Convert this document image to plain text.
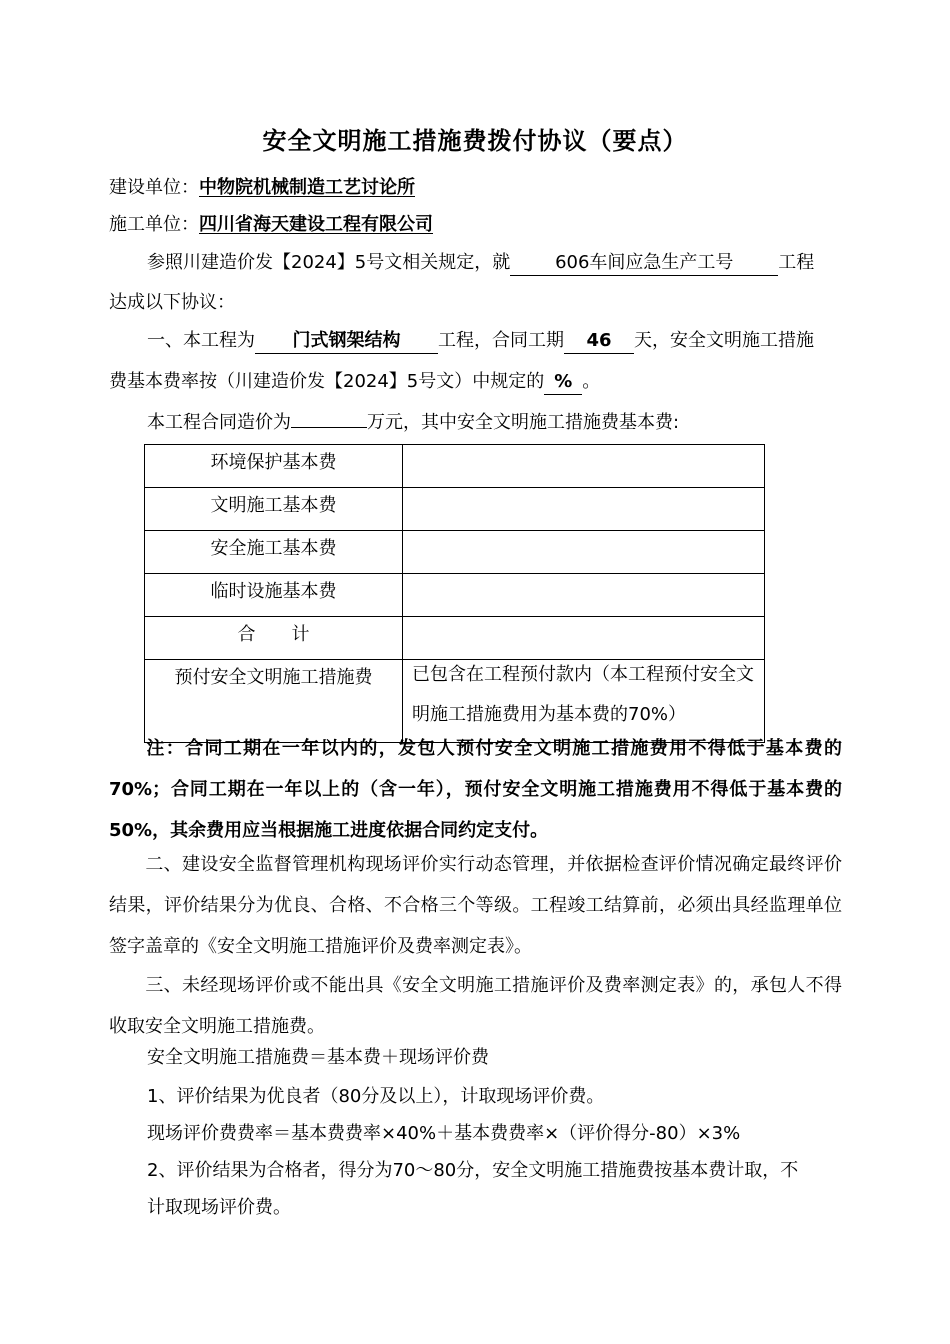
安全文明施工措施费拨付协议（要点）
建设单位：中物院机械制造工艺讨论所
施工单位：四川省海天建设工程有限公司
参照川建造价发【2024】5号文相关规定，就 606车间应急生产工号 工程
达成以下协议：
一、本工程为 门式钢架结构 工程，合同工期 46 天，安全文明施工措施
费基本费率按（川建造价发【2024】5号文）中规定的 % 。
本工程合同造价为	万元，其中安全文明施工措施费基本费:
环境保护基本费	
文明施工基本费	
安全施工基本费	
临时设施基本费	
合　　计	
预付安全文明施工措施费	已包含在工程预付款内（本工程预付安全文明施工措施费用为基本费的70%）
注：合同工期在一年以内的，发包人预付安全文明施工措施费用不得低于基本费的70%；合同工期在一年以上的（含一年），预付安全文明施工措施费用不得低于基本费的50%，其余费用应当根据施工进度依据合同约定支付。
二、建设安全监督管理机构现场评价实行动态管理，并依据检查评价情况确定最终评价结果，评价结果分为优良、合格、不合格三个等级。工程竣工结算前，必须出具经监理单位签字盖章的《安全文明施工措施评价及费率测定表》。
三、未经现场评价或不能出具《安全文明施工措施评价及费率测定表》的，承包人不得收取安全文明施工措施费。
安全文明施工措施费＝基本费＋现场评价费
1、评价结果为优良者（80分及以上），计取现场评价费。
现场评价费费率＝基本费费率×40%＋基本费费率×（评价得分-80）×3%
2、评价结果为合格者，得分为70～80分，安全文明施工措施费按基本费计取，不
计取现场评价费。
